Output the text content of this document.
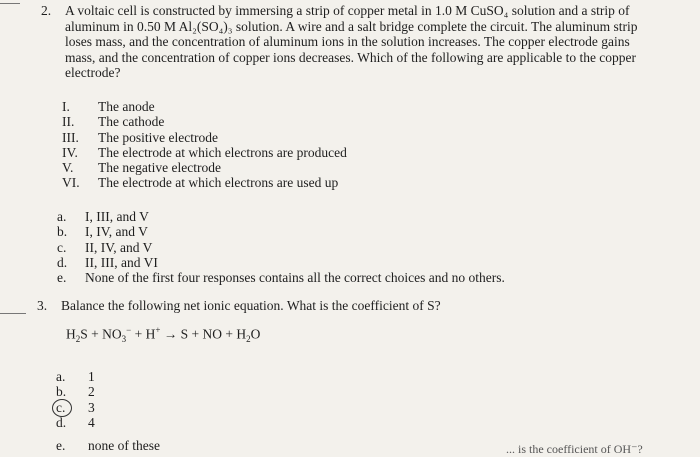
2. A voltaic cell is constructed by immersing a strip of copper metal in 1.0 M CuSO₄ solution and a strip of
aluminum in 0.50 M Al₂(SO₄)₃ solution. A wire and a salt bridge complete the circuit. The aluminum strip
loses mass, and the concentration of aluminum ions in the solution increases. The copper electrode gains
mass, and the concentration of copper ions decreases. Which of the following are applicable to the copper
electrode?
I.	The anode
II.	The cathode
III.	The positive electrode
IV.	The electrode at which electrons are produced
V.	The negative electrode
VI.	The electrode at which electrons are used up
a.	I, III, and V
b.	I, IV, and V
c.	II, IV, and V
d.	II, III, and VI
e.	None of the first four responses contains all the correct choices and no others.
3. Balance the following net ionic equation. What is the coefficient of S?
$H_2S + NO_3^- + H^+ \to S$ + NO + $H_2O$
a.	1
b.	2
c.	3
d.	4
e.	none of these	... is the coefficient of OH⁻?
